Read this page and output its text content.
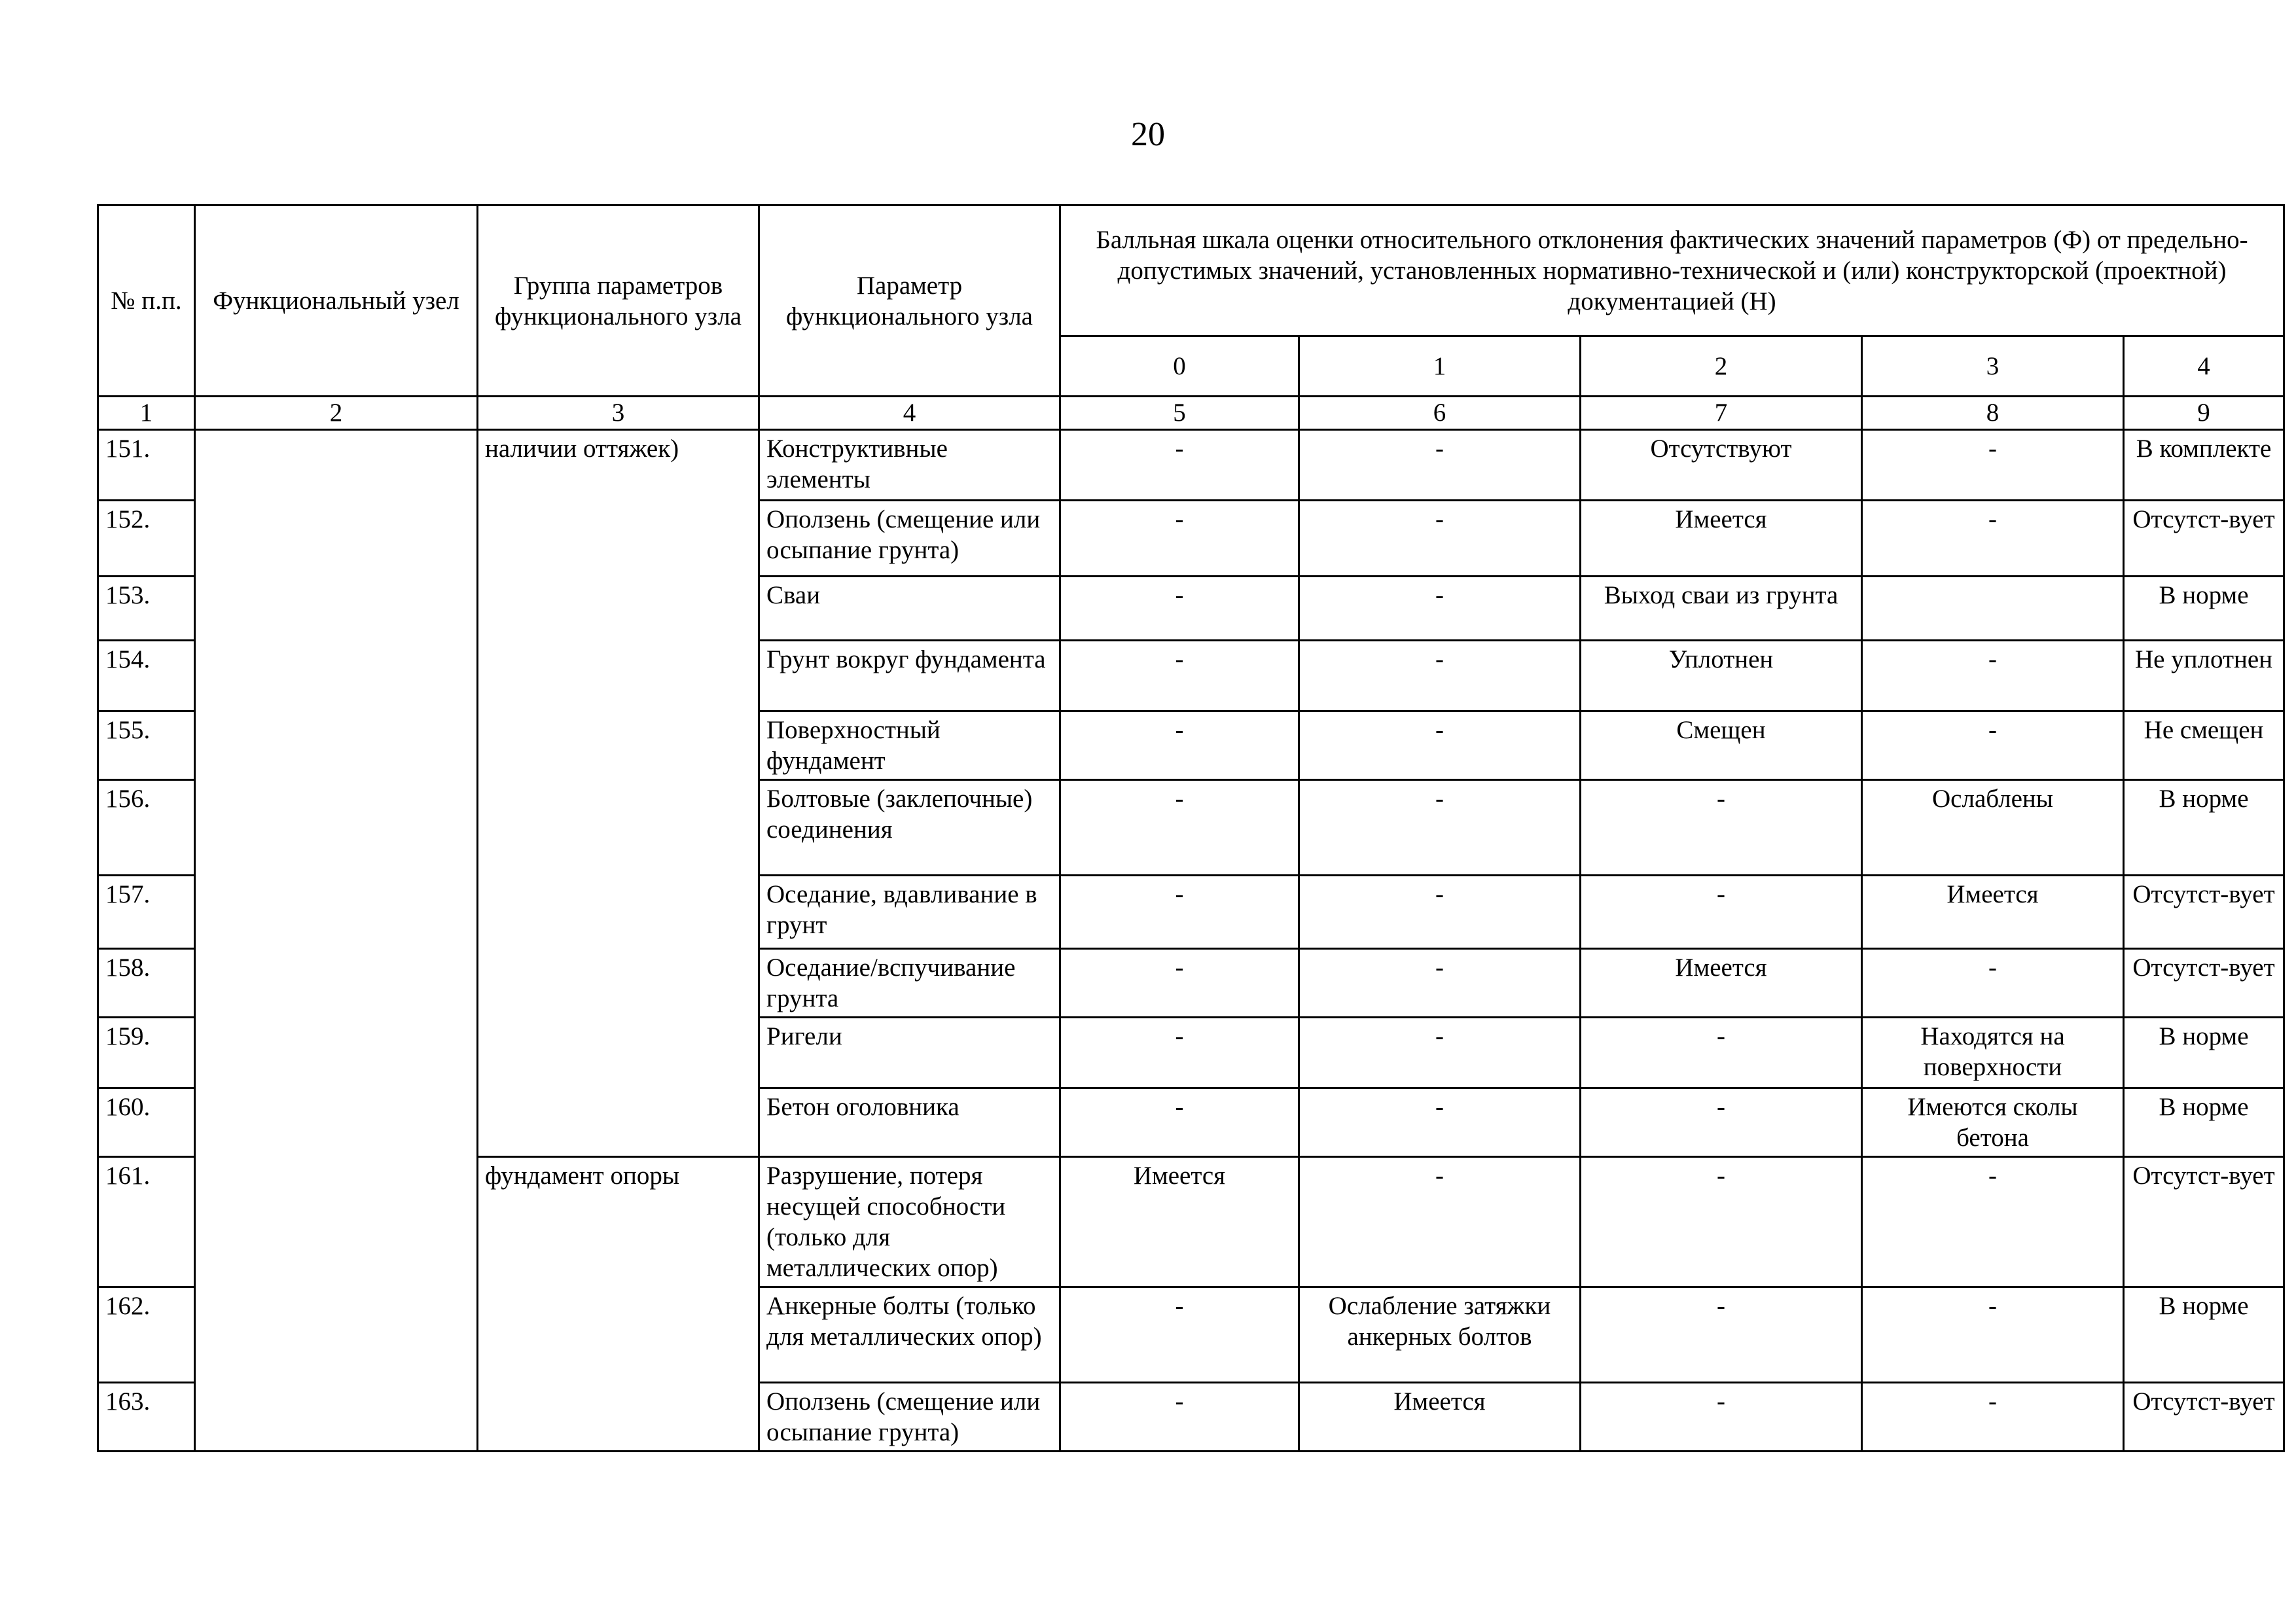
20
№ п.п.	Функциональный узел	Группа параметров функционального узла	Параметр функционального узла	Балльная шкала оценки относительного отклонения фактических значений параметров (Ф) от предельно-допустимых значений, установленных нормативно-технической и (или) конструкторской (проектной) документацией (Н)				
				0	1	2	3	4
1	2	3	4	5	6	7	8	9
151.		наличии оттяжек)	Конструктивные элементы	-	-	Отсутствуют	-	В комплекте
152.			Оползень (смещение или осыпание грунта)	-	-	Имеется	-	Отсутст-вует
153.			Сваи	-	-	Выход сваи из грунта		В норме
154.			Грунт вокруг фундамента	-	-	Уплотнен	-	Не уплотнен
155.			Поверхностный фундамент	-	-	Смещен	-	Не смещен
156.			Болтовые (заклепочные) соединения	-	-	-	Ослаблены	В норме
157.			Оседание, вдавливание в грунт	-	-	-	Имеется	Отсутст-вует
158.			Оседание/вспучивание грунта	-	-	Имеется	-	Отсутст-вует
159.			Ригели	-	-	-	Находятся на поверхности	В норме
160.			Бетон оголовника	-	-	-	Имеются сколы бетона	В норме
161.		фундамент опоры	Разрушение, потеря несущей способности (только для металлических опор)	Имеется	-	-	-	Отсутст-вует
162.			Анкерные болты (только для металлических опор)	-	Ослабление затяжки анкерных болтов	-	-	В норме
163.			Оползень (смещение или осыпание грунта)	-	Имеется	-	-	Отсутст-вует
